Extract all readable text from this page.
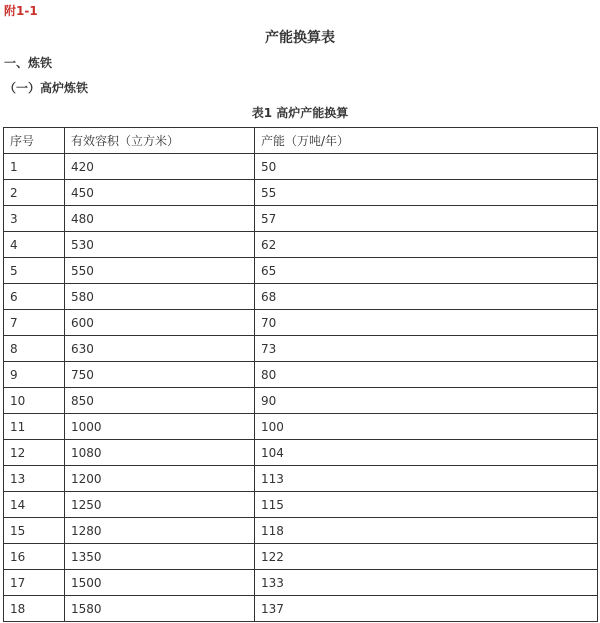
附1-1
产能换算表
一、炼铁
（一）高炉炼铁
表1 高炉产能换算
序号	有效容积（立方米）	产能（万吨/年）
1	420	50
2	450	55
3	480	57
4	530	62
5	550	65
6	580	68
7	600	70
8	630	73
9	750	80
10	850	90
11	1000	100
12	1080	104
13	1200	113
14	1250	115
15	1280	118
16	1350	122
17	1500	133
18	1580	137
